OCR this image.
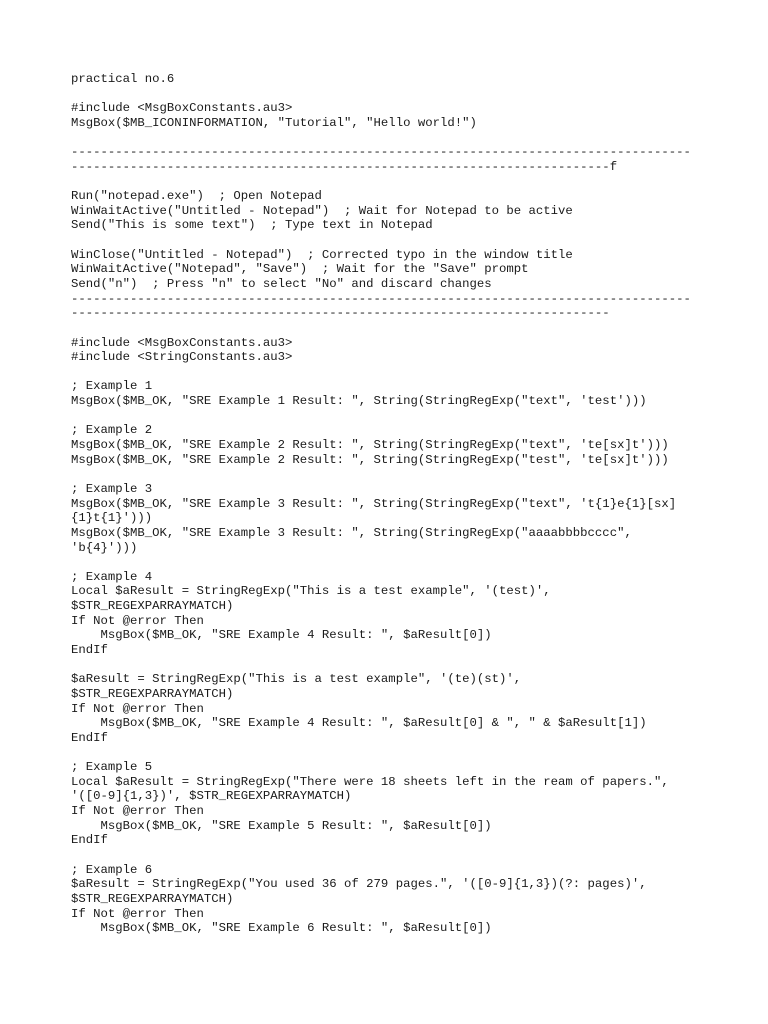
practical no.6
#include <MsgBoxConstants.au3>
MsgBox($MB_ICONINFORMATION, "Tutorial", "Hello world!")
------------------------------------------------------------------------------------
-------------------------------------------------------------------------f
Run("notepad.exe")  ; Open Notepad
WinWaitActive("Untitled - Notepad")  ; Wait for Notepad to be active
Send("This is some text")  ; Type text in Notepad
WinClose("Untitled - Notepad")  ; Corrected typo in the window title
WinWaitActive("Notepad", "Save")  ; Wait for the "Save" prompt
Send("n")  ; Press "n" to select "No" and discard changes
------------------------------------------------------------------------------------
-------------------------------------------------------------------------
#include <MsgBoxConstants.au3>
#include <StringConstants.au3>
; Example 1
MsgBox($MB_OK, "SRE Example 1 Result: ", String(StringRegExp("text", 'test')))
; Example 2
MsgBox($MB_OK, "SRE Example 2 Result: ", String(StringRegExp("text", 'te[sx]t')))
MsgBox($MB_OK, "SRE Example 2 Result: ", String(StringRegExp("test", 'te[sx]t')))
; Example 3
MsgBox($MB_OK, "SRE Example 3 Result: ", String(StringRegExp("text", 't{1}e{1}[sx]
{1}t{1}')))
MsgBox($MB_OK, "SRE Example 3 Result: ", String(StringRegExp("aaaabbbbcccc",
'b{4}')))
; Example 4
Local $aResult = StringRegExp("This is a test example", '(test)',
$STR_REGEXPARRAYMATCH)
If Not @error Then
MsgBox($MB_OK, "SRE Example 4 Result: ", $aResult[0])
EndIf
$aResult = StringRegExp("This is a test example", '(te)(st)',
$STR_REGEXPARRAYMATCH)
If Not @error Then
MsgBox($MB_OK, "SRE Example 4 Result: ", $aResult[0] & ", " & $aResult[1])
EndIf
; Example 5
Local $aResult = StringRegExp("There were 18 sheets left in the ream of papers.",
'([0-9]{1,3})', $STR_REGEXPARRAYMATCH)
If Not @error Then
MsgBox($MB_OK, "SRE Example 5 Result: ", $aResult[0])
EndIf
; Example 6
$aResult = StringRegExp("You used 36 of 279 pages.", '([0-9]{1,3})(?: pages)',
$STR_REGEXPARRAYMATCH)
If Not @error Then
MsgBox($MB_OK, "SRE Example 6 Result: ", $aResult[0])
